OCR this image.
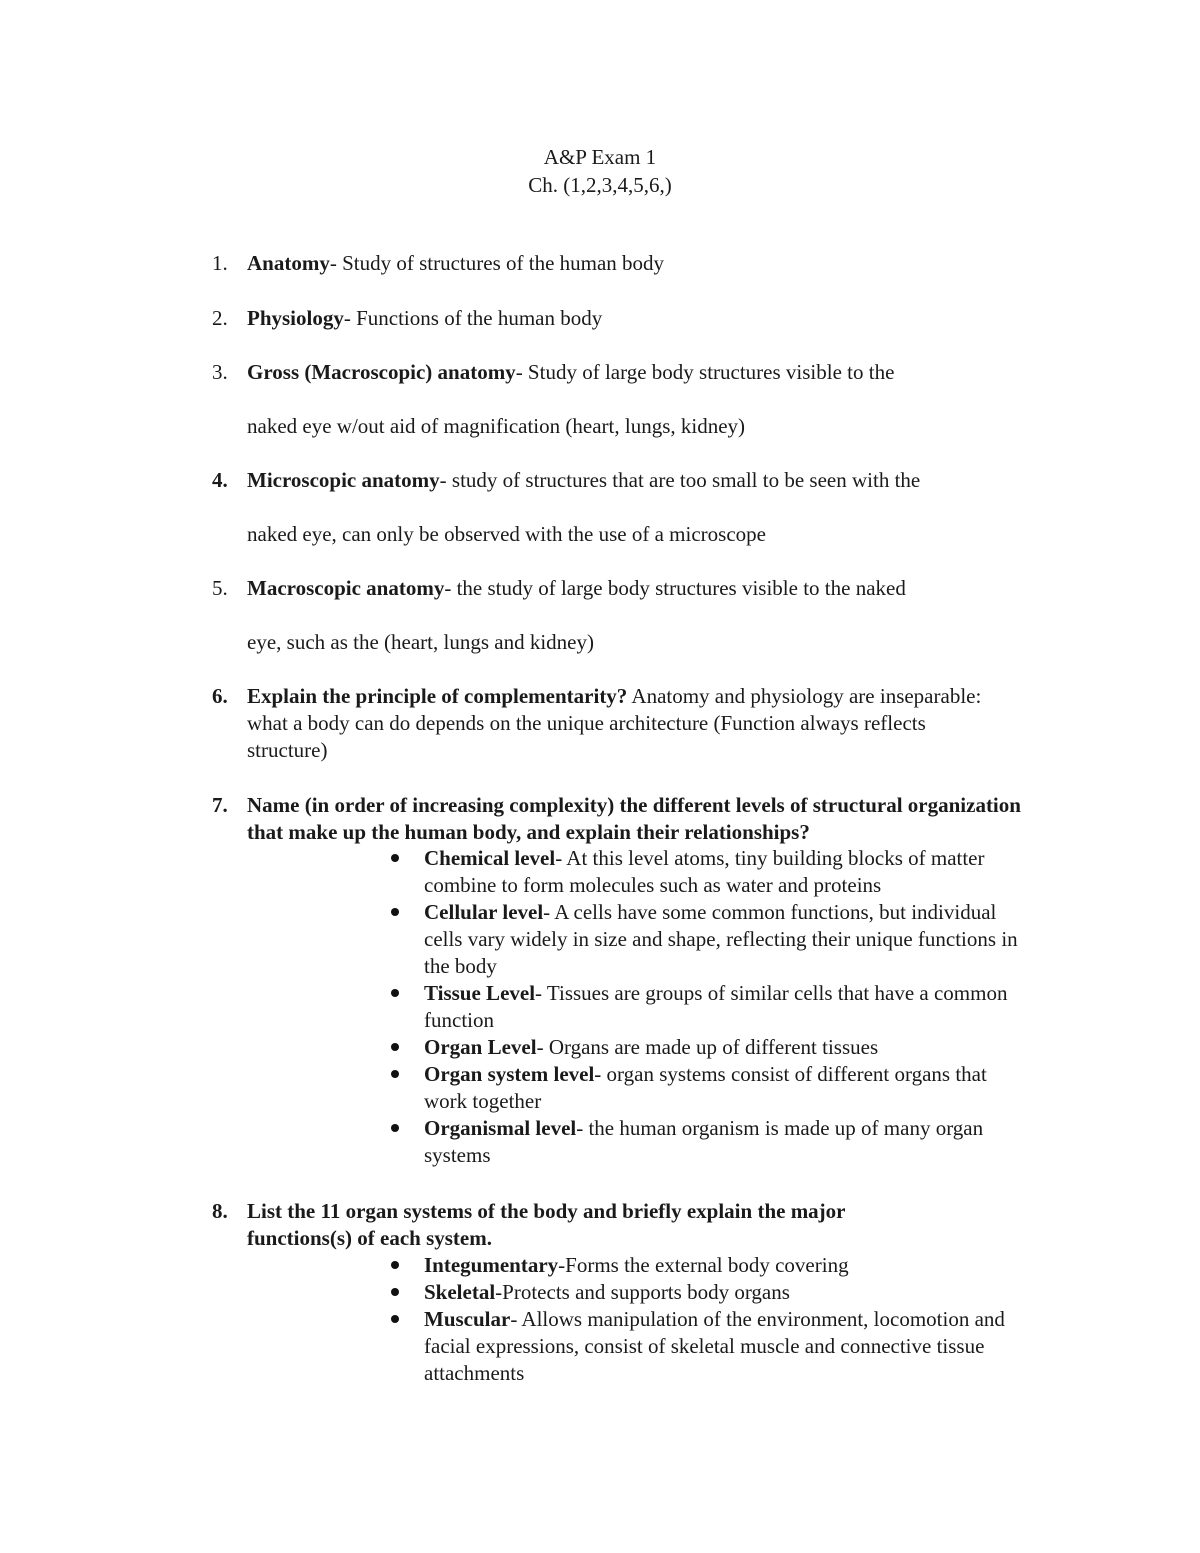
A&P Exam 1
Ch. (1,2,3,4,5,6,)
1. Anatomy- Study of structures of the human body
2. Physiology- Functions of the human body
3. Gross (Macroscopic) anatomy- Study of large body structures visible to the
naked eye w/out aid of magnification (heart, lungs, kidney)
4. Microscopic anatomy- study of structures that are too small to be seen with the
naked eye, can only be observed with the use of a microscope
5. Macroscopic anatomy- the study of large body structures visible to the naked
eye, such as the (heart, lungs and kidney)
6. Explain the principle of complementarity? Anatomy and physiology are inseparable: what a body can do depends on the unique architecture (Function always reflects structure)
7. Name (in order of increasing complexity) the different levels of structural organization that make up the human body, and explain their relationships?
Chemical level- At this level atoms, tiny building blocks of matter combine to form molecules such as water and proteins
Cellular level- A cells have some common functions, but individual cells vary widely in size and shape, reflecting their unique functions in the body
Tissue Level- Tissues are groups of similar cells that have a common function
Organ Level- Organs are made up of different tissues
Organ system level- organ systems consist of different organs that work together
Organismal level- the human organism is made up of many organ systems
8. List the 11 organ systems of the body and briefly explain the major functions(s) of each system.
Integumentary-Forms the external body covering
Skeletal-Protects and supports body organs
Muscular- Allows manipulation of the environment, locomotion and facial expressions, consist of skeletal muscle and connective tissue attachments
